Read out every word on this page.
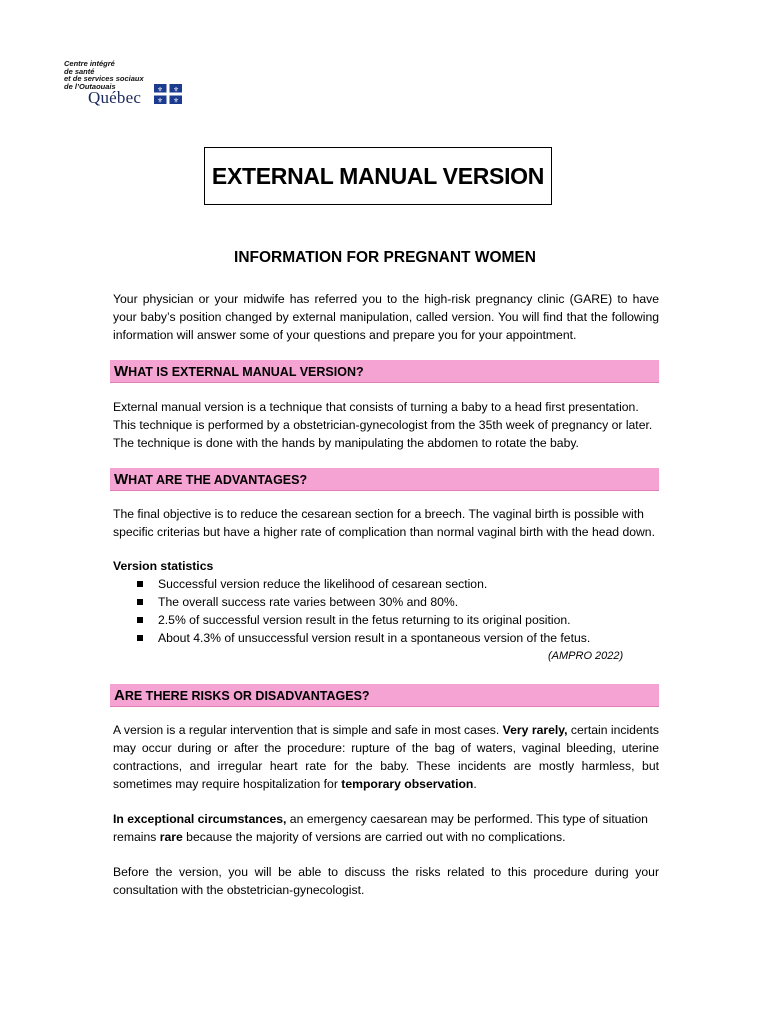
Centre intégré
de santé
et de services sociaux
de l’Outaouais
Québec ⚜ ⚜
⚜ ⚜
EXTERNAL MANUAL VERSION
INFORMATION FOR PREGNANT WOMEN

Your physician or your midwife has referred you to the high-risk pregnancy clinic (GARE) to have your baby’s position changed by external manipulation, called version. You will find that the following information will answer some of your questions and prepare you for your appointment.

WHAT IS EXTERNAL MANUAL VERSION?

External manual version is a technique that consists of turning a baby to a head first presentation. This technique is performed by a obstetrician-gynecologist from the 35th week of pregnancy or later. The technique is done with the hands by manipulating the abdomen to rotate the baby.

WHAT ARE THE ADVANTAGES?

The final objective is to reduce the cesarean section for a breech. The vaginal birth is possible with specific criterias but have a higher rate of complication than normal vaginal birth with the head down.

Version statistics
Successful version reduce the likelihood of cesarean section.
The overall success rate varies between 30% and 80%.
2.5% of successful version result in the fetus returning to its original position.
About 4.3% of unsuccessful version result in a spontaneous version of the fetus.
(AMPRO 2022)
ARE THERE RISKS OR DISADVANTAGES?

A version is a regular intervention that is simple and safe in most cases. Very rarely, certain incidents may occur during or after the procedure: rupture of the bag of waters, vaginal bleeding, uterine contractions, and irregular heart rate for the baby. These incidents are mostly harmless, but sometimes may require hospitalization for temporary observation.

In exceptional circumstances, an emergency caesarean may be performed. This type of situation remains rare because the majority of versions are carried out with no complications.

Before the version, you will be able to discuss the risks related to this procedure during your consultation with the obstetrician-gynecologist.
